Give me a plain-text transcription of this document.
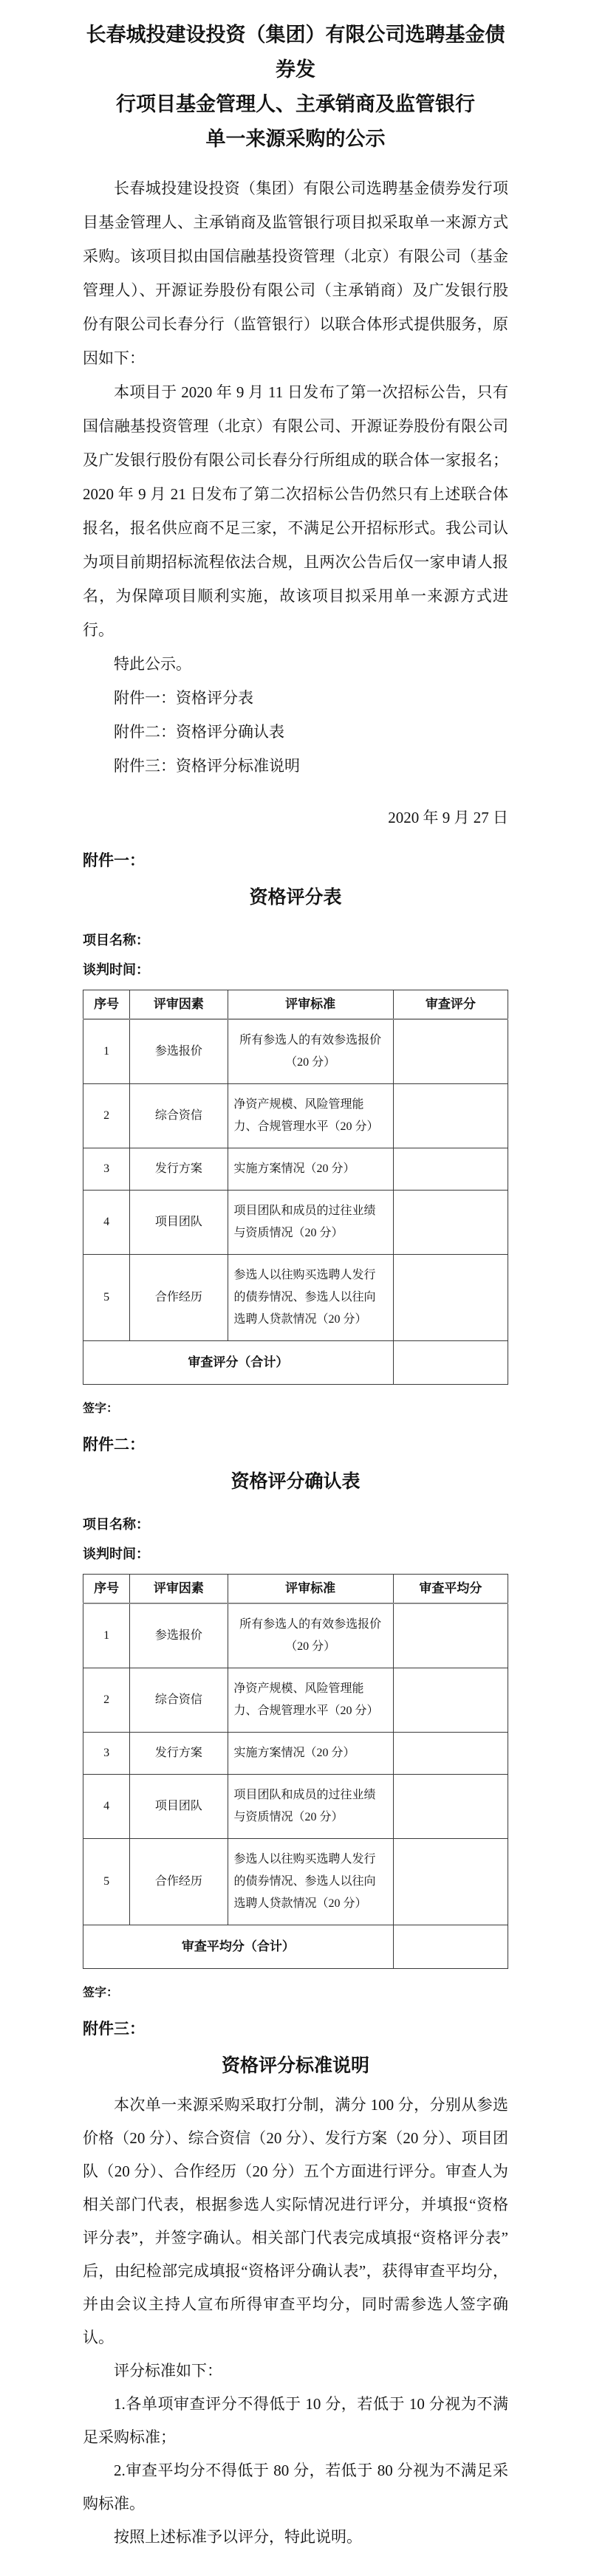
长春城投建设投资（集团）有限公司选聘基金债券发
行项目基金管理人、主承销商及监管银行
单一来源采购的公示

长春城投建设投资（集团）有限公司选聘基金债券发行项目基金管理人、主承销商及监管银行项目拟采取单一来源方式采购。该项目拟由国信融基投资管理（北京）有限公司（基金管理人）、开源证券股份有限公司（主承销商）及广发银行股份有限公司长春分行（监管银行）以联合体形式提供服务，原因如下：

本项目于 2020 年 9 月 11 日发布了第一次招标公告，只有国信融基投资管理（北京）有限公司、开源证券股份有限公司及广发银行股份有限公司长春分行所组成的联合体一家报名；2020 年 9 月 21 日发布了第二次招标公告仍然只有上述联合体报名，报名供应商不足三家，不满足公开招标形式。我公司认为项目前期招标流程依法合规，且两次公告后仅一家申请人报名，为保障项目顺利实施，故该项目拟采用单一来源方式进行。

特此公示。

附件一：资格评分表

附件二：资格评分确认表

附件三：资格评分标准说明

2020 年 9 月 27 日
附件一：
资格评分表
项目名称：
谈判时间：
序号	评审因素	评审标准	审查评分
1	参选报价	所有参选人的有效参选报价（20 分）	
2	综合资信	净资产规模、风险管理能力、合规管理水平（20 分）	
3	发行方案	实施方案情况（20 分）	
4	项目团队	项目团队和成员的过往业绩与资质情况（20 分）	
5	合作经历	参选人以往购买选聘人发行的债券情况、参选人以往向选聘人贷款情况（20 分）	
审查评分（合计）			
签字：
附件二：
资格评分确认表
项目名称：
谈判时间：
序号	评审因素	评审标准	审查平均分
1	参选报价	所有参选人的有效参选报价（20 分）	
2	综合资信	净资产规模、风险管理能力、合规管理水平（20 分）	
3	发行方案	实施方案情况（20 分）	
4	项目团队	项目团队和成员的过往业绩与资质情况（20 分）	
5	合作经历	参选人以往购买选聘人发行的债券情况、参选人以往向选聘人贷款情况（20 分）	
审查平均分（合计）			
签字：
附件三：
资格评分标准说明

本次单一来源采购采取打分制，满分 100 分，分别从参选价格（20 分）、综合资信（20 分）、发行方案（20 分）、项目团队（20 分）、合作经历（20 分）五个方面进行评分。审查人为相关部门代表，根据参选人实际情况进行评分，并填报“资格评分表”，并签字确认。相关部门代表完成填报“资格评分表”后，由纪检部完成填报“资格评分确认表”，获得审查平均分，并由会议主持人宣布所得审查平均分，同时需参选人签字确认。

评分标准如下：

1.各单项审查评分不得低于 10 分，若低于 10 分视为不满足采购标准；

2.审查平均分不得低于 80 分，若低于 80 分视为不满足采购标准。

按照上述标准予以评分，特此说明。
